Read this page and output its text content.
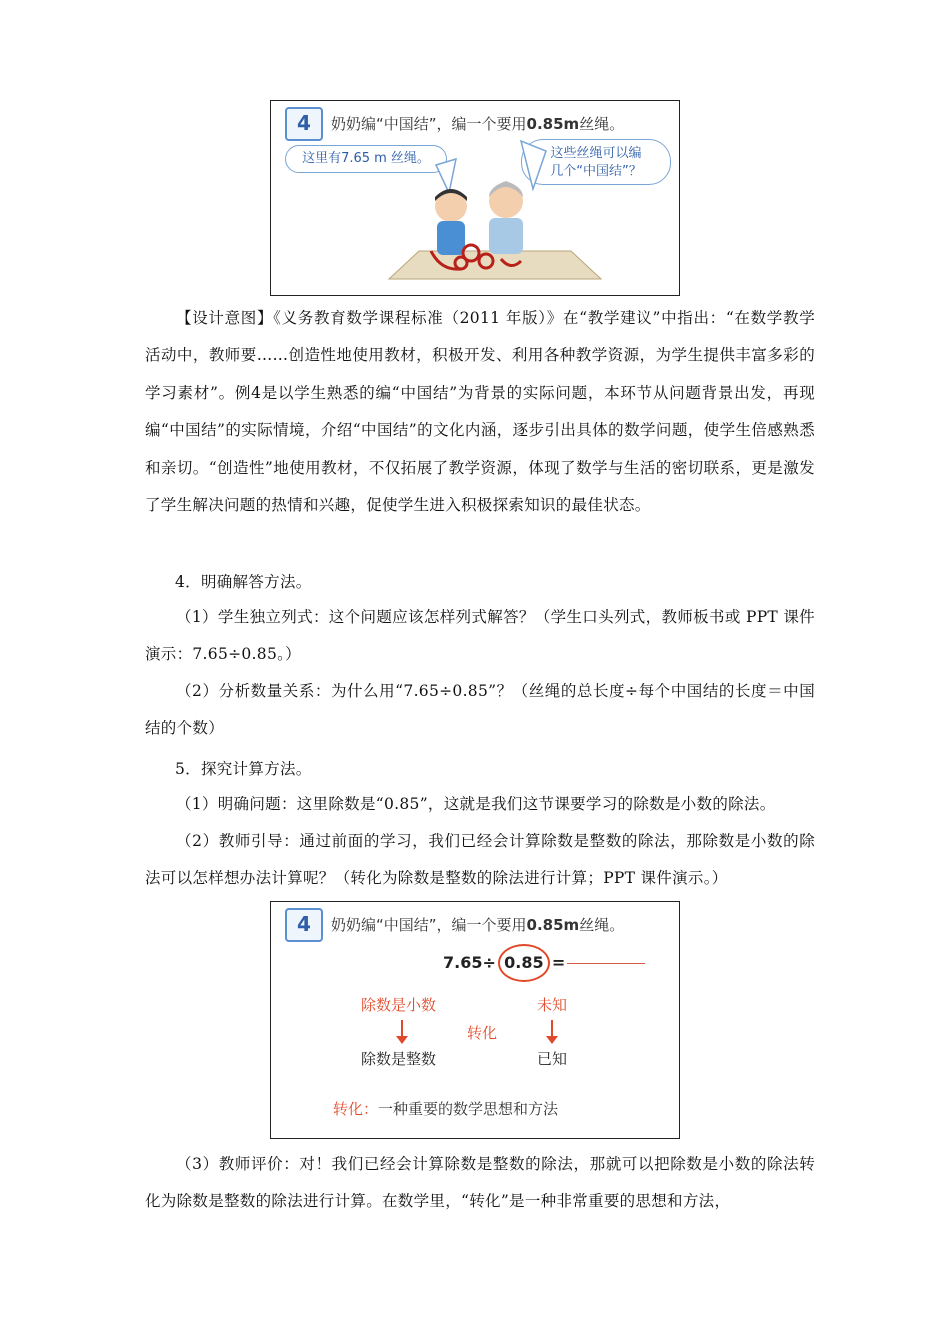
4	奶奶编“中国结”，编一个要用0.85m丝绳。
这里有7.65 m 丝绳。	这些丝绳可以编
几个“中国结”？

【设计意图】《义务教育数学课程标准（2011 年版）》在“教学建议”中指出：“在数学教学活动中，教师要……创造性地使用教材，积极开发、利用各种教学资源，为学生提供丰富多彩的学习素材”。例4是以学生熟悉的编“中国结”为背景的实际问题，本环节从问题背景出发，再现编“中国结”的实际情境，介绍“中国结”的文化内涵，逐步引出具体的数学问题，使学生倍感熟悉和亲切。“创造性”地使用教材，不仅拓展了教学资源，体现了数学与生活的密切联系，更是激发了学生解决问题的热情和兴趣，促使学生进入积极探索知识的最佳状态。

4．明确解答方法。

（1）学生独立列式：这个问题应该怎样列式解答？（学生口头列式，教师板书或 PPT 课件演示：7.65÷0.85。）

（2）分析数量关系：为什么用“7.65÷0.85”？（丝绳的总长度÷每个中国结的长度＝中国结的个数）

5．探究计算方法。

（1）明确问题：这里除数是“0.85”，这就是我们这节课要学习的除数是小数的除法。

（2）教师引导：通过前面的学习，我们已经会计算除数是整数的除法，那除数是小数的除法可以怎样想办法计算呢？（转化为除数是整数的除法进行计算；PPT 课件演示。）

4	奶奶编“中国结”，编一个要用0.85m丝绳。
7.65÷ 0.85 =
除数是小数	未知
转化
除数是整数	已知
转化：一种重要的数学思想和方法

（3）教师评价：对！我们已经会计算除数是整数的除法，那就可以把除数是小数的除法转化为除数是整数的除法进行计算。在数学里，“转化”是一种非常重要的思想和方法，
